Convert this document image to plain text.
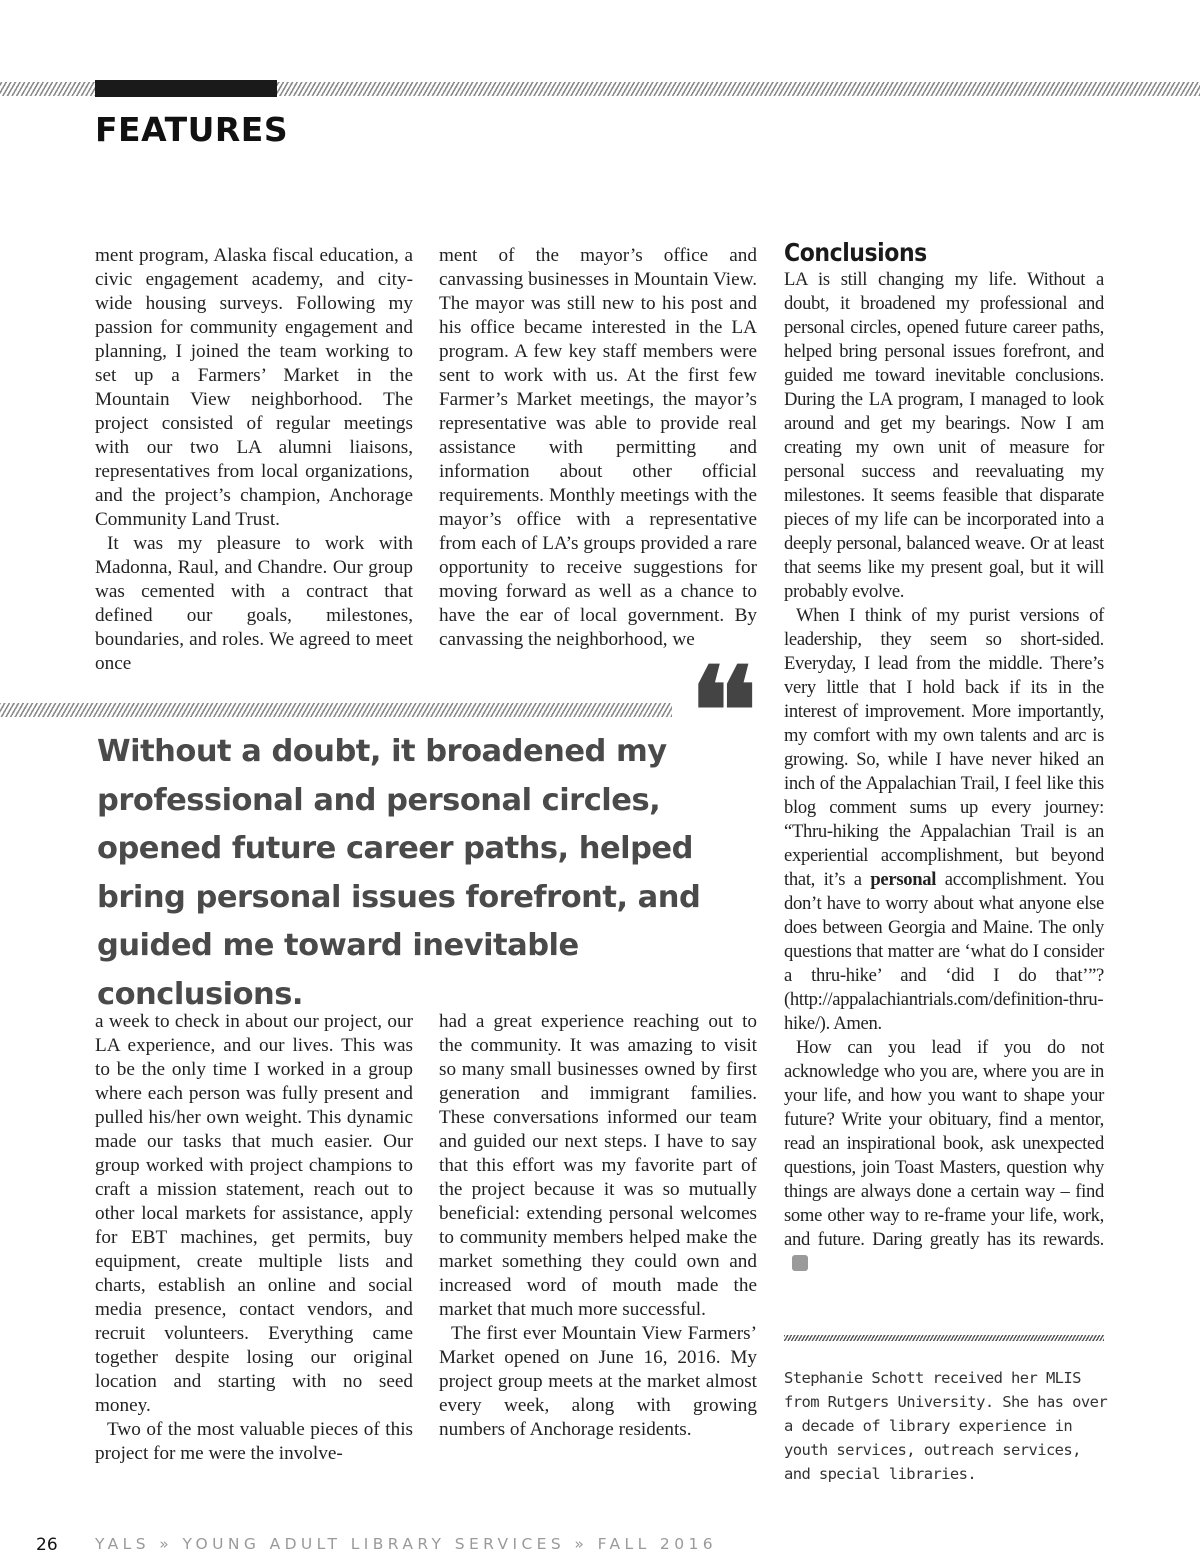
FEATURES

ment program, Alaska fiscal education, a civic engagement academy, and city-wide housing surveys. Following my passion for community engagement and planning, I joined the team working to set up a Farmers’ Market in the Mountain View neighborhood. The project consisted of regular meetings with our two LA alumni liaisons, representatives from local organizations, and the project’s champion, Anchorage Community Land Trust.

It was my pleasure to work with Madonna, Raul, and Chandre. Our group was cemented with a contract that defined our goals, milestones, boundaries, and roles. We agreed to meet once

ment of the mayor’s office and canvassing businesses in Mountain View. The mayor was still new to his post and his office became interested in the LA program. A few key staff members were sent to work with us. At the first few Farmer’s Market meetings, the mayor’s representative was able to provide real assistance with permitting and information about other official requirements. Monthly meetings with the mayor’s office with a representative from each of LA’s groups provided a rare opportunity to receive suggestions for moving forward as well as a chance to have the ear of local government. By canvassing the neighborhood, we

Conclusions

LA is still changing my life. Without a doubt, it broadened my professional and personal circles, opened future career paths, helped bring personal issues forefront, and guided me toward inevitable conclusions. During the LA program, I managed to look around and get my bearings. Now I am creating my own unit of measure for personal success and reevaluating my milestones. It seems feasible that disparate pieces of my life can be incorporated into a deeply personal, balanced weave. Or at least that seems like my present goal, but it will probably evolve.

When I think of my purist versions of leadership, they seem so short-sided. Everyday, I lead from the middle. There’s very little that I hold back if its in the interest of improvement. More importantly, my comfort with my own talents and arc is growing. So, while I have never hiked an inch of the Appalachian Trail, I feel like this blog comment sums up every journey: “Thru-hiking the Appalachian Trail is an experiential accomplishment, but beyond that, it’s a personal accomplishment. You don’t have to worry about what anyone else does between Georgia and Maine. The only questions that matter are ‘what do I consider a thru-hike’ and ‘did I do that’”? (http://appalachiantrials.com/definition-thru-hike/). Amen.

How can you lead if you do not acknowledge who you are, where you are in your life, and how you want to shape your future? Write your obituary, find a mentor, read an inspirational book, ask unexpected questions, join Toast Masters, question why things are always done a certain way – find some other way to re-frame your life, work, and future. Daring greatly has its rewards.

❛❛
Without a doubt, it broadened my professional and personal circles, opened future career paths, helped bring personal issues forefront, and guided me toward inevitable conclusions.

a week to check in about our project, our LA experience, and our lives. This was to be the only time I worked in a group where each person was fully present and pulled his/her own weight. This dynamic made our tasks that much easier. Our group worked with project champions to craft a mission statement, reach out to other local markets for assistance, apply for EBT machines, get permits, buy equipment, create multiple lists and charts, establish an online and social media presence, contact vendors, and recruit volunteers. Everything came together despite losing our original location and starting with no seed money.

Two of the most valuable pieces of this project for me were the involve-

had a great experience reaching out to the community. It was amazing to visit so many small businesses owned by first generation and immigrant families. These conversations informed our team and guided our next steps. I have to say that this effort was my favorite part of the project because it was so mutually beneficial: extending personal welcomes to community members helped make the market something they could own and increased word of mouth made the market that much more successful.

The first ever Mountain View Farmers’ Market opened on June 16, 2016. My project group meets at the market almost every week, along with growing numbers of Anchorage residents.

Stephanie Schott received her MLIS from Rutgers University. She has over a decade of library experience in youth services, outreach services, and special libraries.
26 YALS » YOUNG ADULT LIBRARY SERVICES » FALL 2016
